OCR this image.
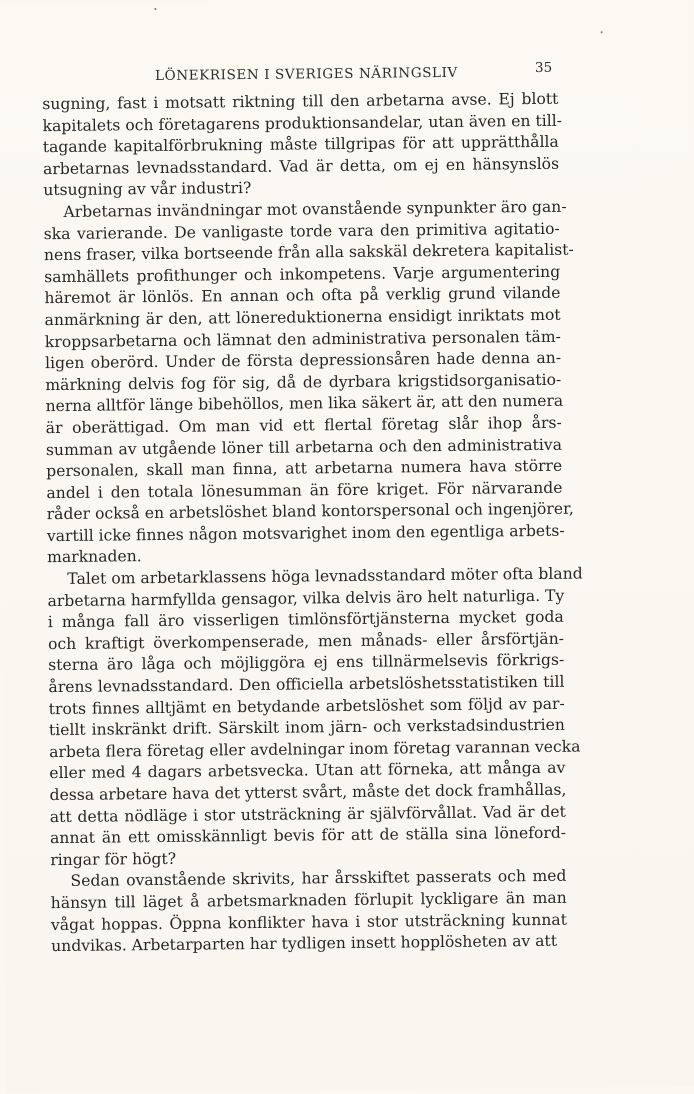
LÖNEKRISEN I SVERIGES NÄRINGSLIV	35
sugning, fast i motsatt riktning till den arbetarna avse. Ej blott
kapitalets och företagarens produktionsandelar, utan även en till-
tagande kapitalförbrukning måste tillgripas för att upprätthålla
arbetarnas levnadsstandard. Vad är detta, om ej en hänsynslös
utsugning av vår industri?
Arbetarnas invändningar mot ovanstående synpunkter äro gan-
ska varierande. De vanligaste torde vara den primitiva agitatio-
nens fraser, vilka bortseende från alla sakskäl dekretera kapitalist-
samhällets profithunger och inkompetens. Varje argumentering
häremot är lönlös. En annan och ofta på verklig grund vilande
anmärkning är den, att lönereduktionerna ensidigt inriktats mot
kroppsarbetarna och lämnat den administrativa personalen täm-
ligen oberörd. Under de första depressionsåren hade denna an-
märkning delvis fog för sig, då de dyrbara krigstidsorganisatio-
nerna alltför länge bibehöllos, men lika säkert är, att den numera
är oberättigad. Om man vid ett flertal företag slår ihop års-
summan av utgående löner till arbetarna och den administrativa
personalen, skall man finna, att arbetarna numera hava större
andel i den totala lönesumman än före kriget. För närvarande
råder också en arbetslöshet bland kontorspersonal och ingenjörer,
vartill icke finnes någon motsvarighet inom den egentliga arbets-
marknaden.
Talet om arbetarklassens höga levnadsstandard möter ofta bland
arbetarna harmfyllda gensagor, vilka delvis äro helt naturliga. Ty
i många fall äro visserligen timlönsförtjänsterna mycket goda
och kraftigt överkompenserade, men månads- eller årsförtjän-
sterna äro låga och möjliggöra ej ens tillnärmelsevis förkrigs-
årens levnadsstandard. Den officiella arbetslöshetsstatistiken till
trots finnes alltjämt en betydande arbetslöshet som följd av par-
tiellt inskränkt drift. Särskilt inom järn- och verkstadsindustrien
arbeta flera företag eller avdelningar inom företag varannan vecka
eller med 4 dagars arbetsvecka. Utan att förneka, att många av
dessa arbetare hava det ytterst svårt, måste det dock framhållas,
att detta nödläge i stor utsträckning är självförvållat. Vad är det
annat än ett omisskännligt bevis för att de ställa sina löneford-
ringar för högt?
Sedan ovanstående skrivits, har årsskiftet passerats och med
hänsyn till läget å arbetsmarknaden förlupit lyckligare än man
vågat hoppas. Öppna konflikter hava i stor utsträckning kunnat
undvikas. Arbetarparten har tydligen insett hopplösheten av att
